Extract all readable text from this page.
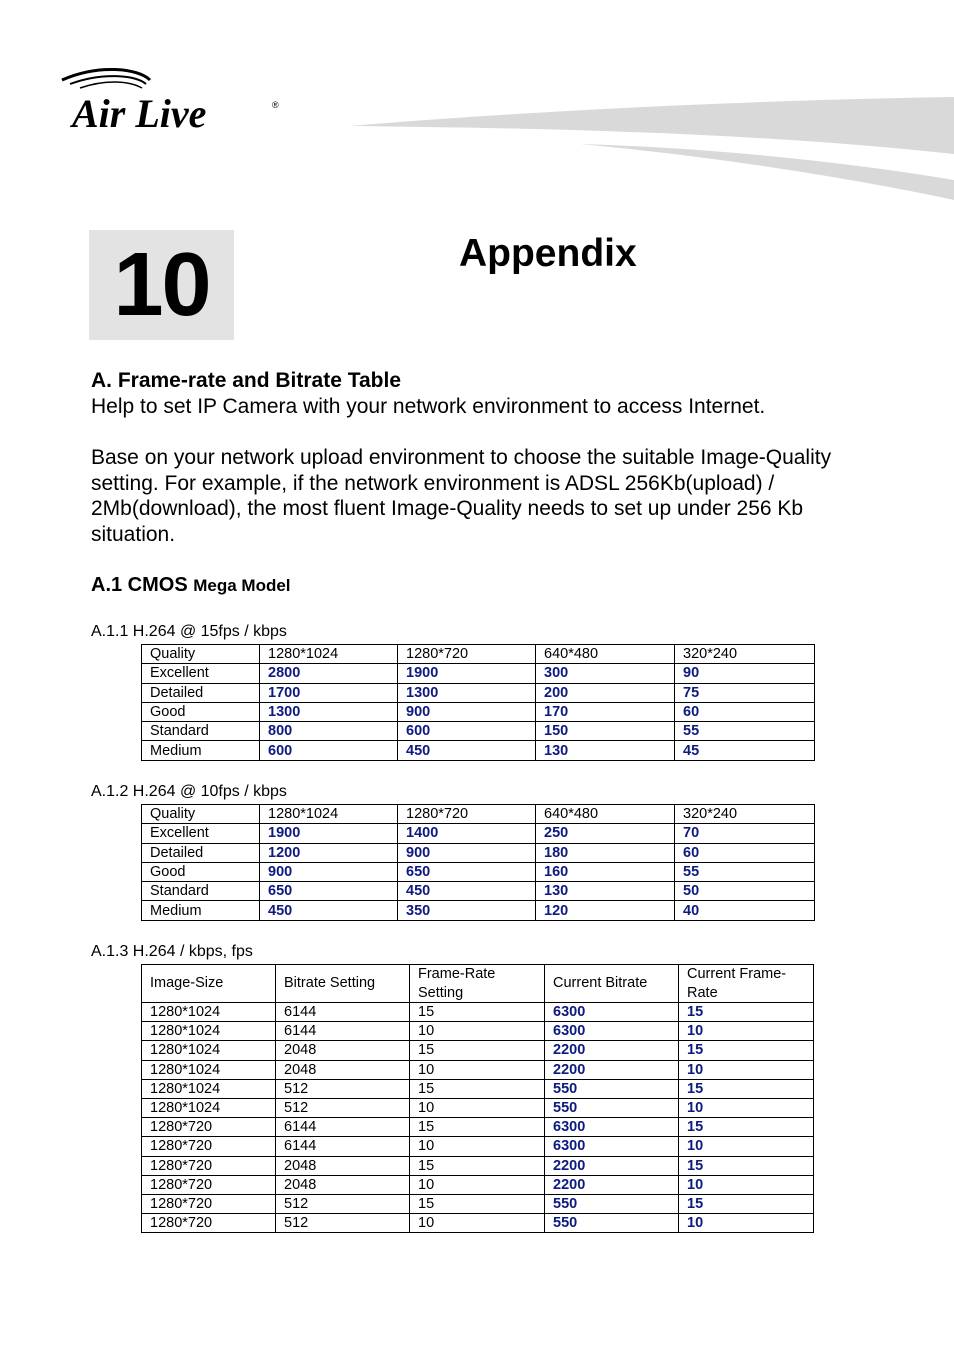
Air Live	®
10	Appendix
A. Frame-rate and Bitrate Table
Help to set IP Camera with your network environment to access Internet.
Base on your network upload environment to choose the suitable Image-Quality setting. For example, if the network environment is ADSL 256Kb(upload) / 2Mb(download), the most fluent Image-Quality needs to set up under 256 Kb situation.
A.1 CMOS Mega Model
A.1.1 H.264 @ 15fps / kbps
Quality	1280*1024	1280*720	640*480	320*240
Excellent	2800	1900	300	90
Detailed	1700	1300	200	75
Good	1300	900	170	60
Standard	800	600	150	55
Medium	600	450	130	45
A.1.2 H.264 @ 10fps / kbps
Quality	1280*1024	1280*720	640*480	320*240
Excellent	1900	1400	250	70
Detailed	1200	900	180	60
Good	900	650	160	55
Standard	650	450	130	50
Medium	450	350	120	40
A.1.3 H.264 / kbps, fps
Image-Size	Bitrate Setting	Frame-Rate Setting	Current Bitrate	Current Frame-Rate
1280*1024	6144	15	6300	15
1280*1024	6144	10	6300	10
1280*1024	2048	15	2200	15
1280*1024	2048	10	2200	10
1280*1024	512	15	550	15
1280*1024	512	10	550	10
1280*720	6144	15	6300	15
1280*720	6144	10	6300	10
1280*720	2048	15	2200	15
1280*720	2048	10	2200	10
1280*720	512	15	550	15
1280*720	512	10	550	10
